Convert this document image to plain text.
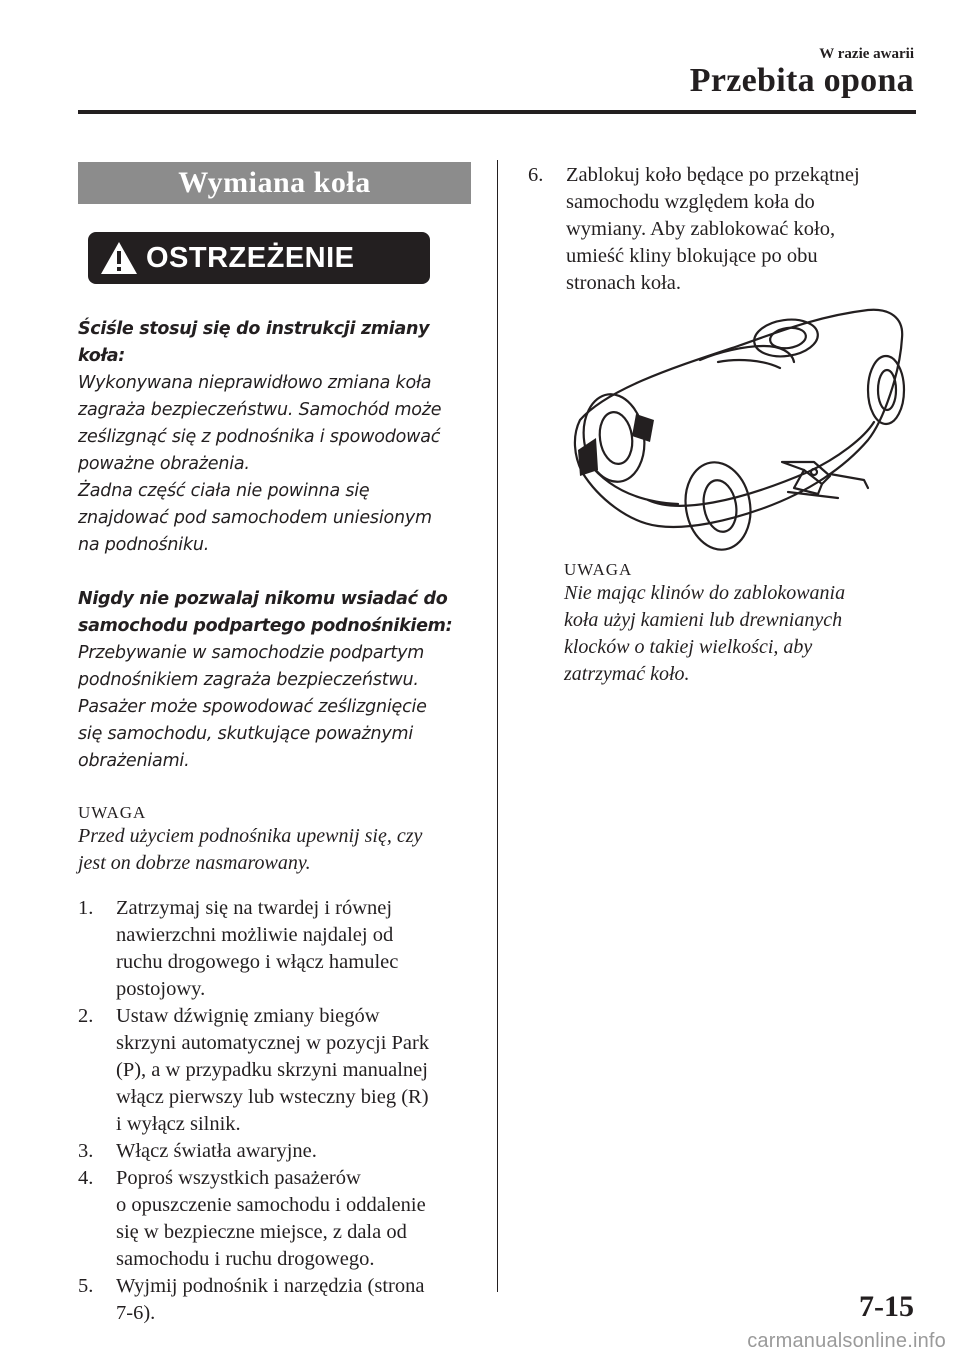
W razie awarii
Przebita opona
Wymiana koła
OSTRZEŻENIE
Ściśle stosuj się do instrukcji zmiany koła:
Wykonywana nieprawidłowo zmiana koła
zagraża bezpieczeństwu. Samochód może
ześlizgnąć się z podnośnika i spowodować
poważne obrażenia.
Żadna część ciała nie powinna się
znajdować pod samochodem uniesionym
na podnośniku.
Nigdy nie pozwalaj nikomu wsiadać do
samochodu podpartego podnośnikiem:
Przebywanie w samochodzie podpartym
podnośnikiem zagraża bezpieczeństwu.
Pasażer może spowodować ześlizgnięcie
się samochodu, skutkujące poważnymi
obrażeniami.
UWAGA
Przed użyciem podnośnika upewnij się, czy
jest on dobrze nasmarowany.
1.	Zatrzymaj się na twardej i równej
nawierzchni możliwie najdalej od
ruchu drogowego i włącz hamulec
postojowy.
2.	Ustaw dźwignię zmiany biegów
skrzyni automatycznej w pozycji Park
(P), a w przypadku skrzyni manualnej
włącz pierwszy lub wsteczny bieg (R)
i wyłącz silnik.
3.	Włącz światła awaryjne.
4.	Poproś wszystkich pasażerów
o opuszczenie samochodu i oddalenie
się w bezpieczne miejsce, z dala od
samochodu i ruchu drogowego.
5.	Wyjmij podnośnik i narzędzia (strona
7-6).
6.	Zablokuj koło będące po przekątnej
samochodu względem koła do
wymiany. Aby zablokować koło,
umieść kliny blokujące po obu
stronach koła.
UWAGA
Nie mając klinów do zablokowania
koła użyj kamieni lub drewnianych
klocków o takiej wielkości, aby
zatrzymać koło.
7-15
carmanualsonline.info
